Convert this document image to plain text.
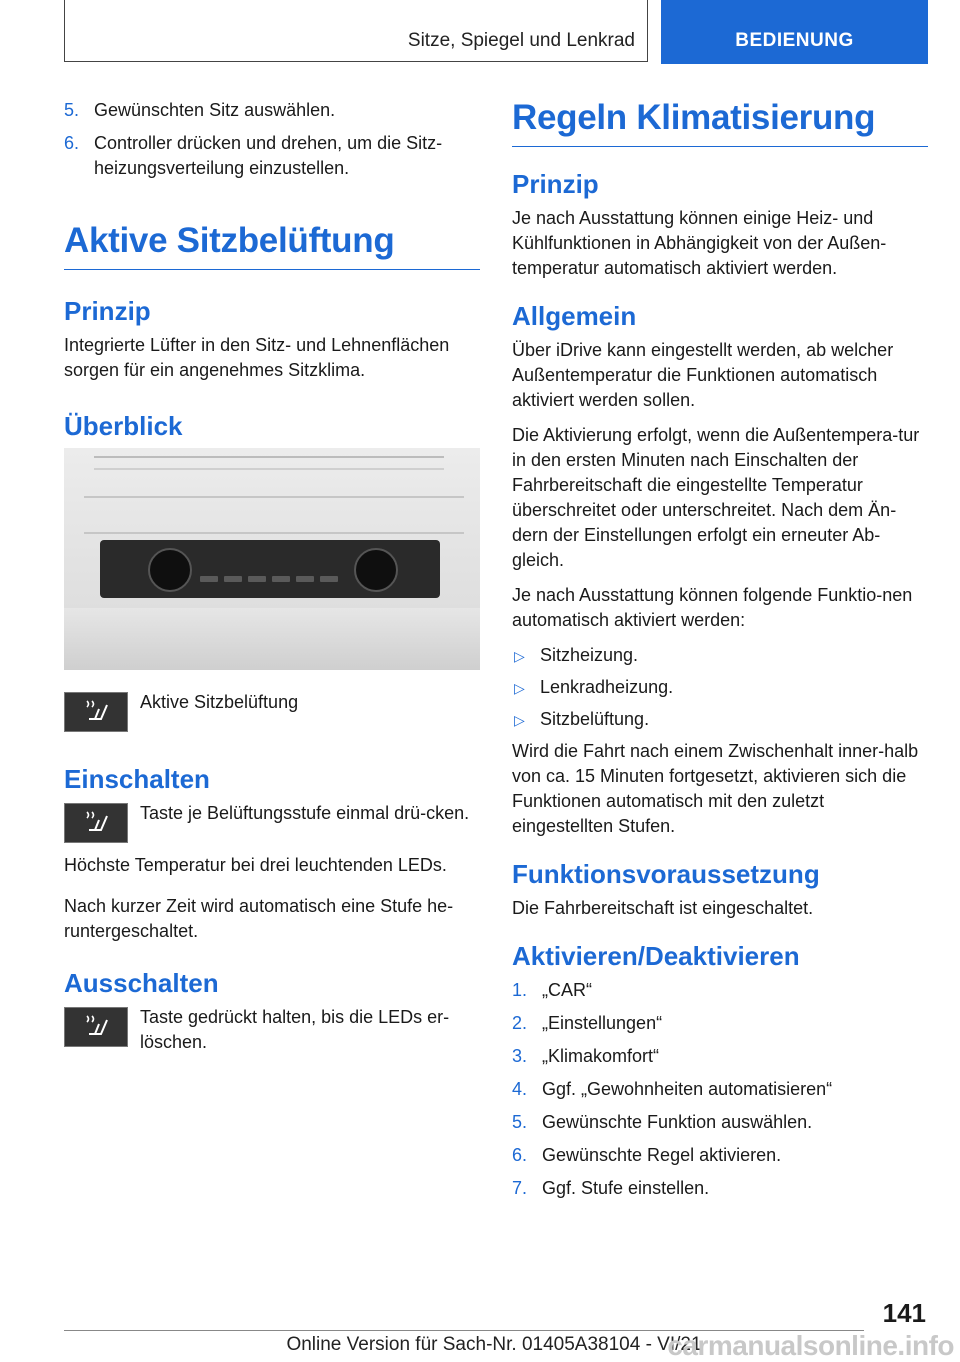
Sitze, Spiegel und Lenkrad	BEDIENUNG
5. Gewünschten Sitz auswählen.
6. Controller drücken und drehen, um die Sitz-heizungsverteilung einzustellen.
Aktive Sitzbelüftung
Prinzip
Integrierte Lüfter in den Sitz- und Lehnenflächen sorgen für ein angenehmes Sitzklima.
Überblick
Aktive Sitzbelüftung
Einschalten
Taste je Belüftungsstufe einmal drü-cken.
Höchste Temperatur bei drei leuchtenden LEDs.
Nach kurzer Zeit wird automatisch eine Stufe he-runtergeschaltet.
Ausschalten
Taste gedrückt halten, bis die LEDs er-löschen.
Regeln Klimatisierung
Prinzip
Je nach Ausstattung können einige Heiz- und Kühlfunktionen in Abhängigkeit von der Außen-temperatur automatisch aktiviert werden.
Allgemein
Über iDrive kann eingestellt werden, ab welcher Außentemperatur die Funktionen automatisch aktiviert werden sollen.
Die Aktivierung erfolgt, wenn die Außentempera-tur in den ersten Minuten nach Einschalten der Fahrbereitschaft die eingestellte Temperatur überschreitet oder unterschreitet. Nach dem Än-dern der Einstellungen erfolgt ein erneuter Ab-gleich.
Je nach Ausstattung können folgende Funktio-nen automatisch aktiviert werden:
▷ Sitzheizung.
▷ Lenkradheizung.
▷ Sitzbelüftung.
Wird die Fahrt nach einem Zwischenhalt inner-halb von ca. 15 Minuten fortgesetzt, aktivieren sich die Funktionen automatisch mit den zuletzt eingestellten Stufen.
Funktionsvoraussetzung
Die Fahrbereitschaft ist eingeschaltet.
Aktivieren/Deaktivieren
1. „CAR“
2. „Einstellungen“
3. „Klimakomfort“
4. Ggf. „Gewohnheiten automatisieren“
5. Gewünschte Funktion auswählen.
6. Gewünschte Regel aktivieren.
7. Ggf. Stufe einstellen.
141
Online Version für Sach-Nr. 01405A38104 - VI/21
carmanualsonline.info
